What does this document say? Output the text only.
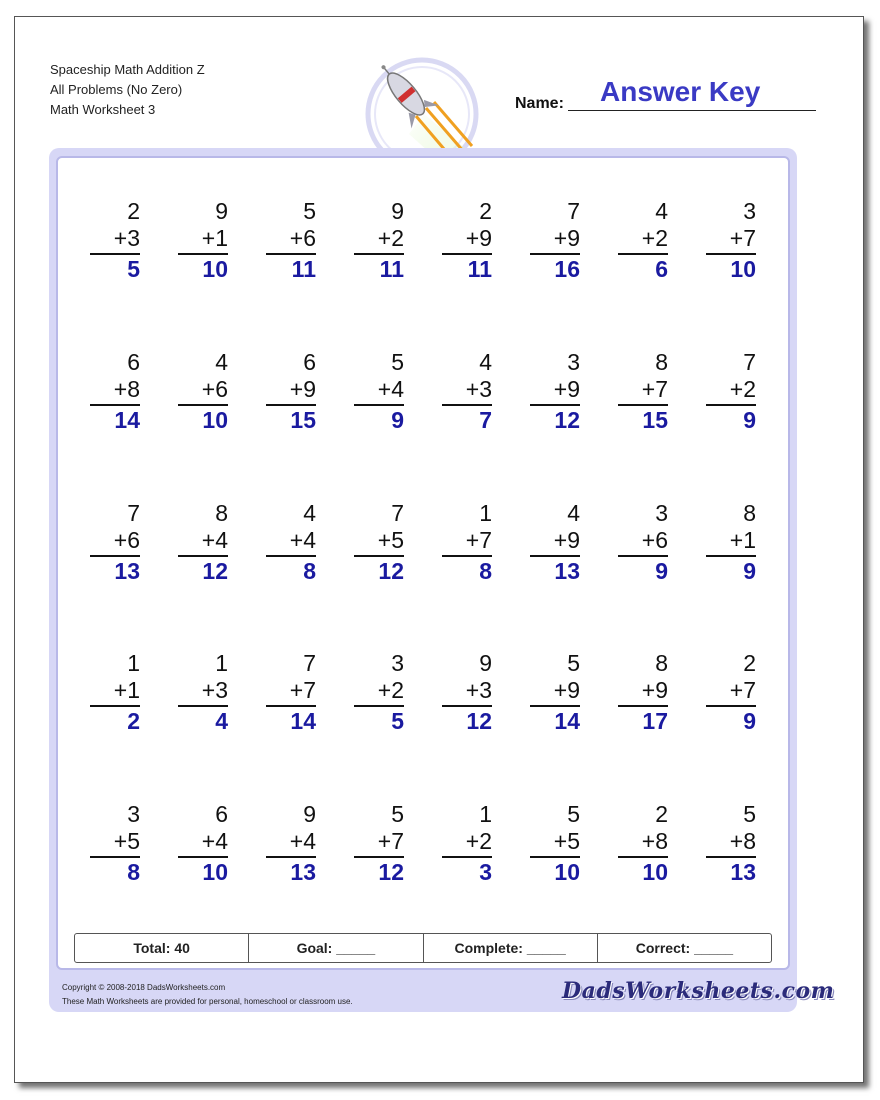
Spaceship Math Addition Z
All Problems (No Zero)
Math Worksheet 3
Answer Key
Name:
2
+3
5
9
+1
10
5
+6
11
9
+2
11
2
+9
11
7
+9
16
4
+2
6
3
+7
10
6
+8
14
4
+6
10
6
+9
15
5
+4
9
4
+3
7
3
+9
12
8
+7
15
7
+2
9
7
+6
13
8
+4
12
4
+4
8
7
+5
12
1
+7
8
4
+9
13
3
+6
9
8
+1
9
1
+1
2
1
+3
4
7
+7
14
3
+2
5
9
+3
12
5
+9
14
8
+9
17
2
+7
9
3
+5
8
6
+4
10
9
+4
13
5
+7
12
1
+2
3
5
+5
10
2
+8
10
5
+8
13
Total: 40	Goal: _____	Complete: _____	Correct: _____
Copyright © 2008-2018 DadsWorksheets.com
These Math Worksheets are provided for personal, homeschool or classroom use.	DadsWorksheets.com
